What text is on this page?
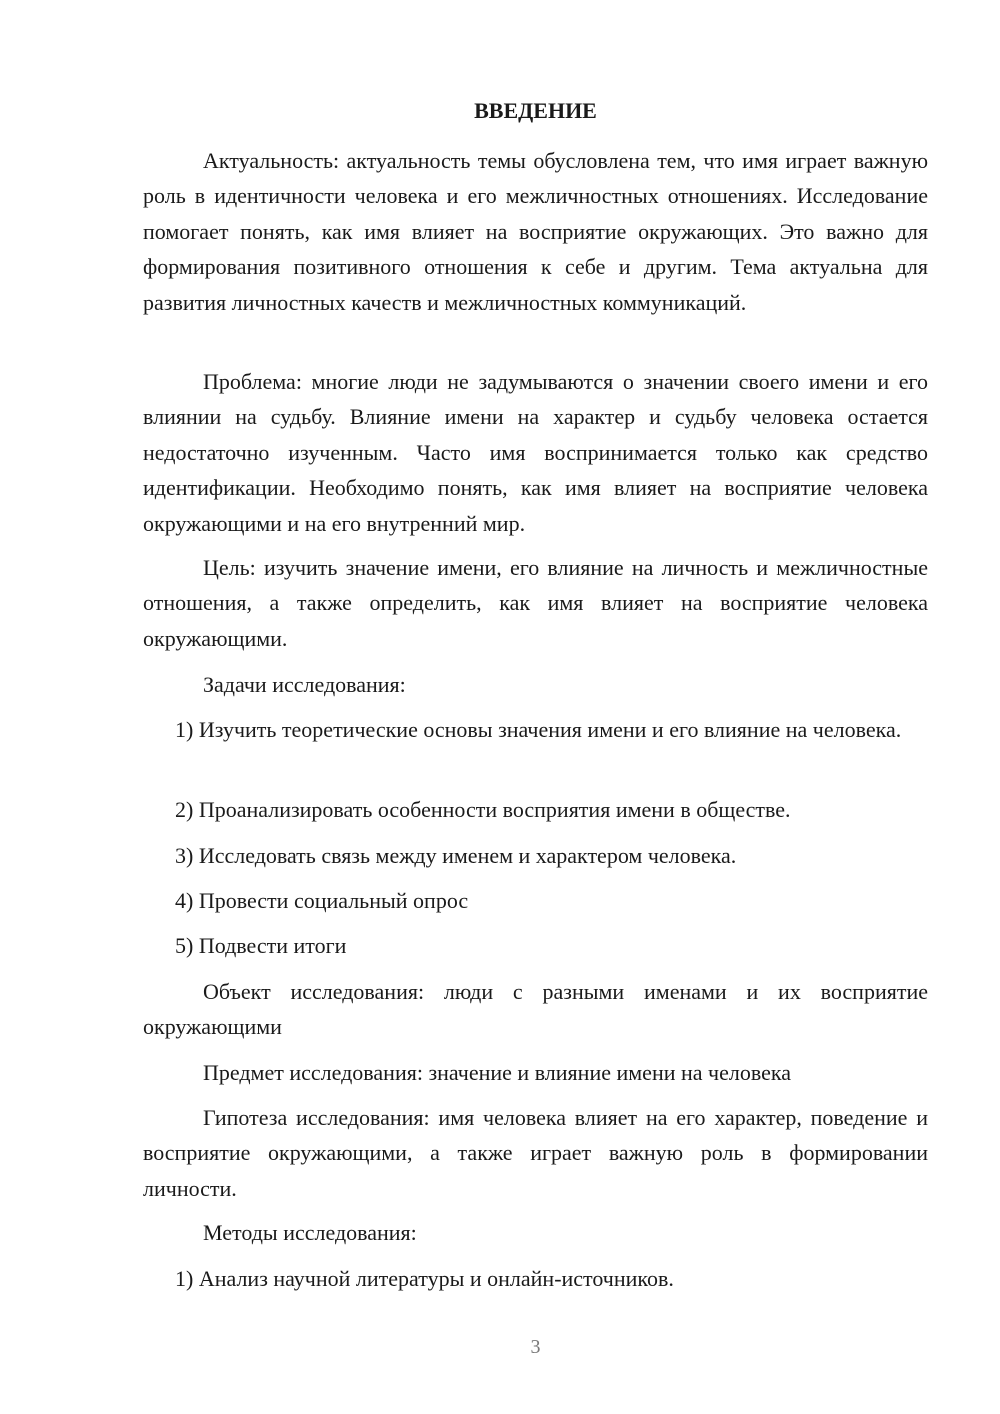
ВВЕДЕНИЕ

Актуальность: актуальность темы обусловлена тем, что имя играет важную роль в идентичности человека и его межличностных отношениях. Исследование помогает понять, как имя влияет на восприятие окружающих. Это важно для формирования позитивного отношения к себе и другим. Тема актуальна для развития личностных качеств и межличностных коммуникаций.

Проблема: многие люди не задумываются о значении своего имени и его влиянии на судьбу. Влияние имени на характер и судьбу человека остается недостаточно изученным. Часто имя воспринимается только как средство идентификации. Необходимо понять, как имя влияет на восприятие человека окружающими и на его внутренний мир.

Цель: изучить значение имени, его влияние на личность и межличностные отношения, а также определить, как имя влияет на восприятие человека окружающими.

Задачи исследования:

1) Изучить теоретические основы значения имени и его влияние на человека.

2) Проанализировать особенности восприятия имени в обществе.

3) Исследовать связь между именем и характером человека.

4) Провести социальный опрос

5) Подвести итоги

Объект исследования: люди с разными именами и их восприятие окружающими

Предмет исследования: значение и влияние имени на человека

Гипотеза исследования: имя человека влияет на его характер, поведение и восприятие окружающими, а также играет важную роль в формировании личности.

Методы исследования:

1) Анализ научной литературы и онлайн-источников.

3
